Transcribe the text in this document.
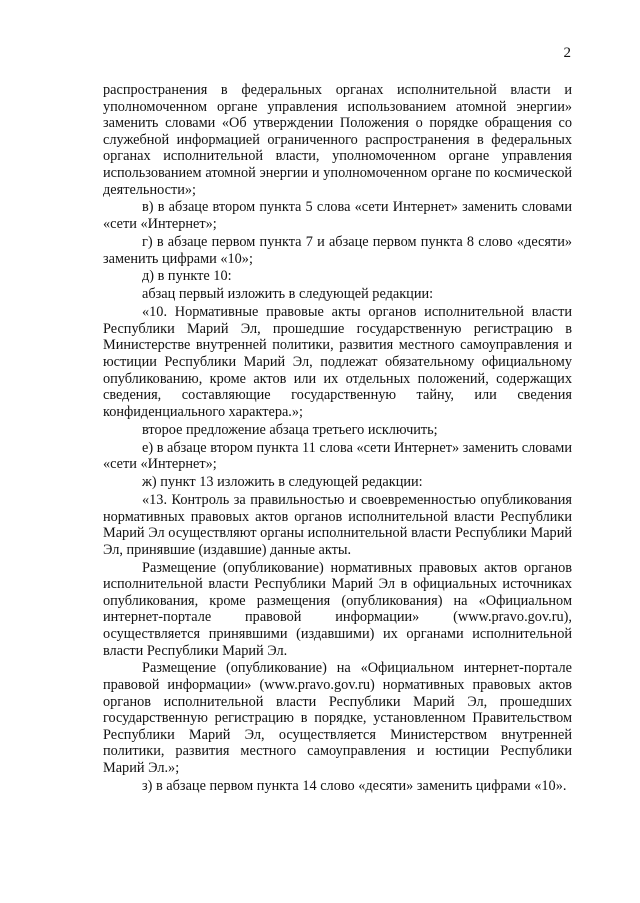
2

распространения в федеральных органах исполнительной власти и уполномоченном органе управления использованием атомной энергии» заменить словами «Об утверждении Положения о порядке обращения со служебной информацией ограниченного распространения в федеральных органах исполнительной власти, уполномоченном органе управления использованием атомной энергии и уполномоченном органе по космической деятельности»;

в) в абзаце втором пункта 5 слова «сети Интернет» заменить словами «сети «Интернет»;

г) в абзаце первом пункта 7 и абзаце первом пункта 8 слово «десяти» заменить цифрами «10»;

д) в пункте 10:

абзац первый изложить в следующей редакции:

«10. Нормативные правовые акты органов исполнительной власти Республики Марий Эл, прошедшие государственную регистрацию в Министерстве внутренней политики, развития местного самоуправления и юстиции Республики Марий Эл, подлежат обязательному официальному опубликованию, кроме актов или их отдельных положений, содержащих сведения, составляющие государственную тайну, или сведения конфиденциального характера.»;

второе предложение абзаца третьего исключить;

е) в абзаце втором пункта 11 слова «сети Интернет» заменить словами «сети «Интернет»;

ж) пункт 13 изложить в следующей редакции:

«13. Контроль за правильностью и своевременностью опубликования нормативных правовых актов органов исполнительной власти Республики Марий Эл осуществляют органы исполнительной власти Республики Марий Эл, принявшие (издавшие) данные акты.

Размещение (опубликование) нормативных правовых актов органов исполнительной власти Республики Марий Эл в официальных источниках опубликования, кроме размещения (опубликования) на «Официальном интернет-портале правовой информации» (www.pravo.gov.ru), осуществляется принявшими (издавшими) их органами исполнительной власти Республики Марий Эл.

Размещение (опубликование) на «Официальном интернет-портале правовой информации» (www.pravo.gov.ru) нормативных правовых актов органов исполнительной власти Республики Марий Эл, прошедших государственную регистрацию в порядке, установленном Правительством Республики Марий Эл, осуществляется Министерством внутренней политики, развития местного самоуправления и юстиции Республики Марий Эл.»;

з) в абзаце первом пункта 14 слово «десяти» заменить цифрами «10».
